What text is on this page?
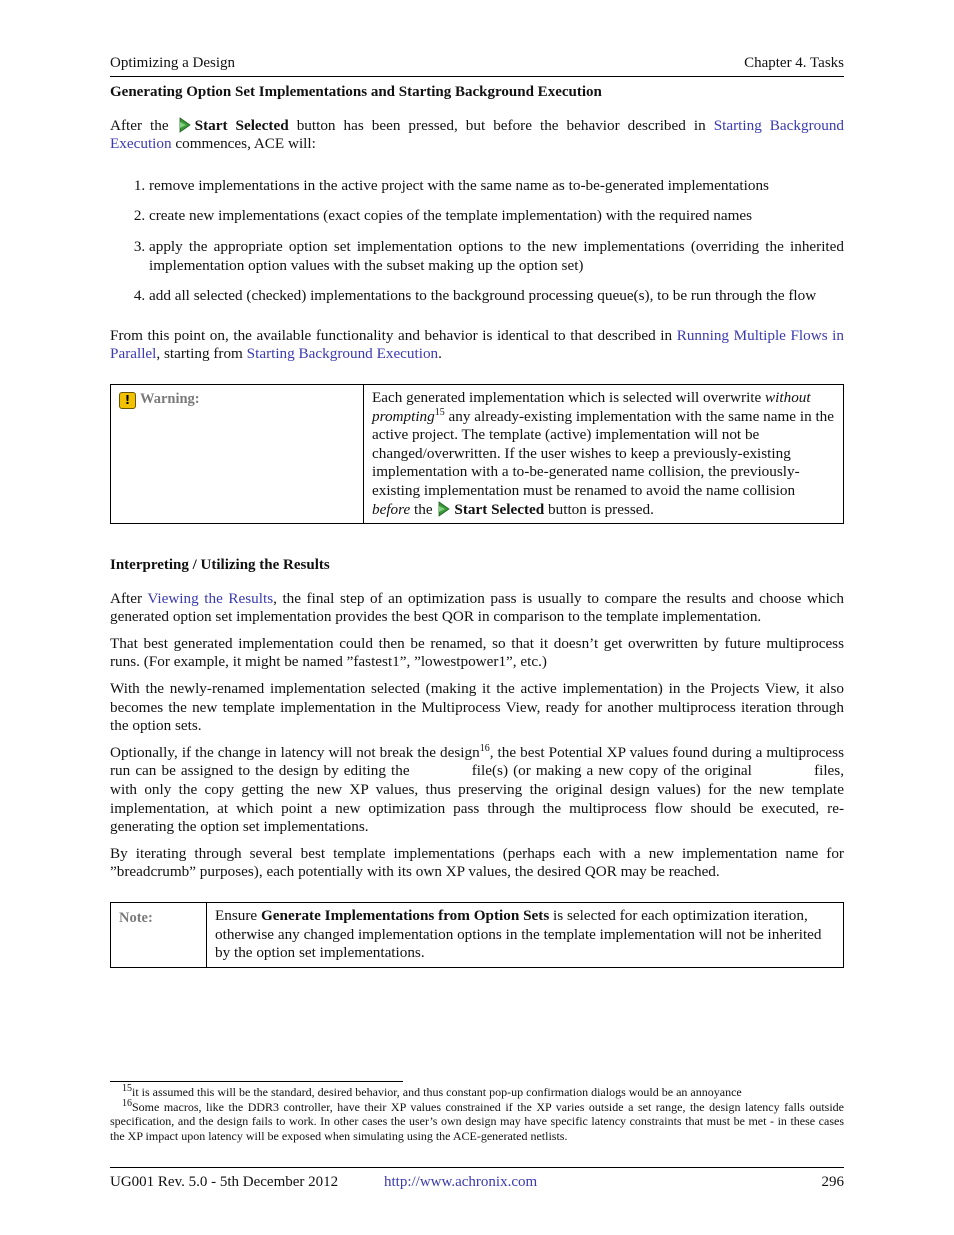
Optimizing a Design	Chapter 4. Tasks
Generating Option Set Implementations and Starting Background Execution

After the Start Selected button has been pressed, but before the behavior described in Starting Background Execution commences, ACE will:

1. remove implementations in the active project with the same name as to-be-generated implementations
2. create new implementations (exact copies of the template implementation) with the required names
3. apply the appropriate option set implementation options to the new implementations (overriding the inherited implementation option values with the subset making up the option set)
4. add all selected (checked) implementations to the background processing queue(s), to be run through the flow

From this point on, the available functionality and behavior is identical to that described in Running Multiple Flows in Parallel, starting from Starting Background Execution.

! Warning:	Each generated implementation which is selected will overwrite without prompting$^{15}$ any already-existing implementation with the same name in the active project. The template (active) implementation will not be changed/overwritten. If the user wishes to keep a previously-existing implementation with a to-be-generated name collision, the previously-existing implementation must be renamed to avoid the name collision before the Start Selected button is pressed.
Interpreting / Utilizing the Results

After Viewing the Results, the final step of an optimization pass is usually to compare the results and choose which generated option set implementation provides the best QOR in comparison to the template implementation.

That best generated implementation could then be renamed, so that it doesn’t get overwritten by future multiprocess runs. (For example, it might be named ”fastest1”, ”lowestpower1”, etc.)

With the newly-renamed implementation selected (making it the active implementation) in the Projects View, it also becomes the new template implementation in the Multiprocess View, ready for another multiprocess iteration through the option sets.

Optionally, if the change in latency will not break the design$^{16}$, the best Potential XP values found during a multiprocess run can be assigned to the design by editing the	file(s) (or making a new copy of the original	files, with only the copy getting the new XP values, thus preserving the original design values) for the new template implementation, at which point a new optimization pass through the multiprocess flow should be executed, re-generating the option set implementations.

By iterating through several best template implementations (perhaps each with a new implementation name for ”breadcrumb” purposes), each potentially with its own XP values, the desired QOR may be reached.

Note:	Ensure Generate Implementations from Option Sets is selected for each optimization iteration, otherwise any changed implementation options in the template implementation will not be inherited by the option set implementations.

$^{15}$it is assumed this will be the standard, desired behavior, and thus constant pop-up confirmation dialogs would be an annoyance

$^{16}$Some macros, like the DDR3 controller, have their XP values constrained if the XP varies outside a set range, the design latency falls outside specification, and the design fails to work. In other cases the user’s own design may have specific latency constraints that must be met - in these cases the XP impact upon latency will be exposed when simulating using the ACE-generated netlists.

UG001 Rev. 5.0 - 5th December 2012	http://www.achronix.com	296
